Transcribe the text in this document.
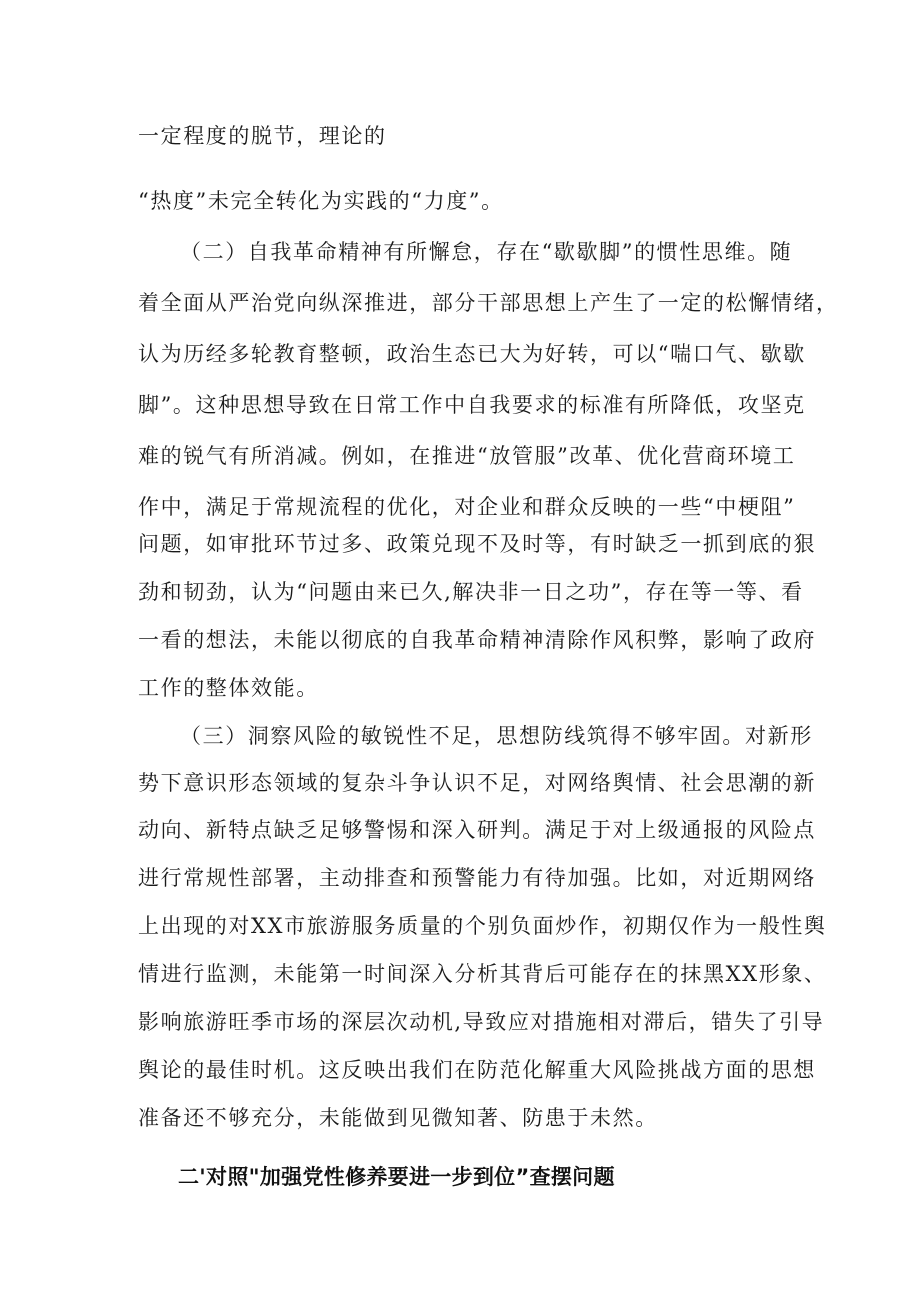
一定程度的脱节，理论的

“热度”未完全转化为实践的“力度”。

（二）自我革命精神有所懈怠，存在“歇歇脚”的惯性思维。随

着全面从严治党向纵深推进，部分干部思想上产生了一定的松懈情绪，

认为历经多轮教育整顿，政治生态已大为好转，可以“喘口气、歇歇

脚”。这种思想导致在日常工作中自我要求的标准有所降低，攻坚克

难的锐气有所消减。例如，在推进“放管服”改革、优化营商环境工

作中，满足于常规流程的优化，对企业和群众反映的一些“中梗阻”

问题，如审批环节过多、政策兑现不及时等，有时缺乏一抓到底的狠

劲和韧劲，认为“问题由来已久,解决非一日之功”，存在等一等、看

一看的想法，未能以彻底的自我革命精神清除作风积弊，影响了政府

工作的整体效能。

（三）洞察风险的敏锐性不足，思想防线筑得不够牢固。对新形

势下意识形态领域的复杂斗争认识不足，对网络舆情、社会思潮的新

动向、新特点缺乏足够警惕和深入研判。满足于对上级通报的风险点

进行常规性部署，主动排查和预警能力有待加强。比如，对近期网络

上出现的对XX市旅游服务质量的个别负面炒作，初期仅作为一般性舆

情进行监测，未能第一时间深入分析其背后可能存在的抹黑XX形象、

影响旅游旺季市场的深层次动机,导致应对措施相对滞后，错失了引导

舆论的最佳时机。这反映出我们在防范化解重大风险挑战方面的思想

准备还不够充分，未能做到见微知著、防患于未然。

二'对照"加强党性修养要进一步到位”查摆问题
